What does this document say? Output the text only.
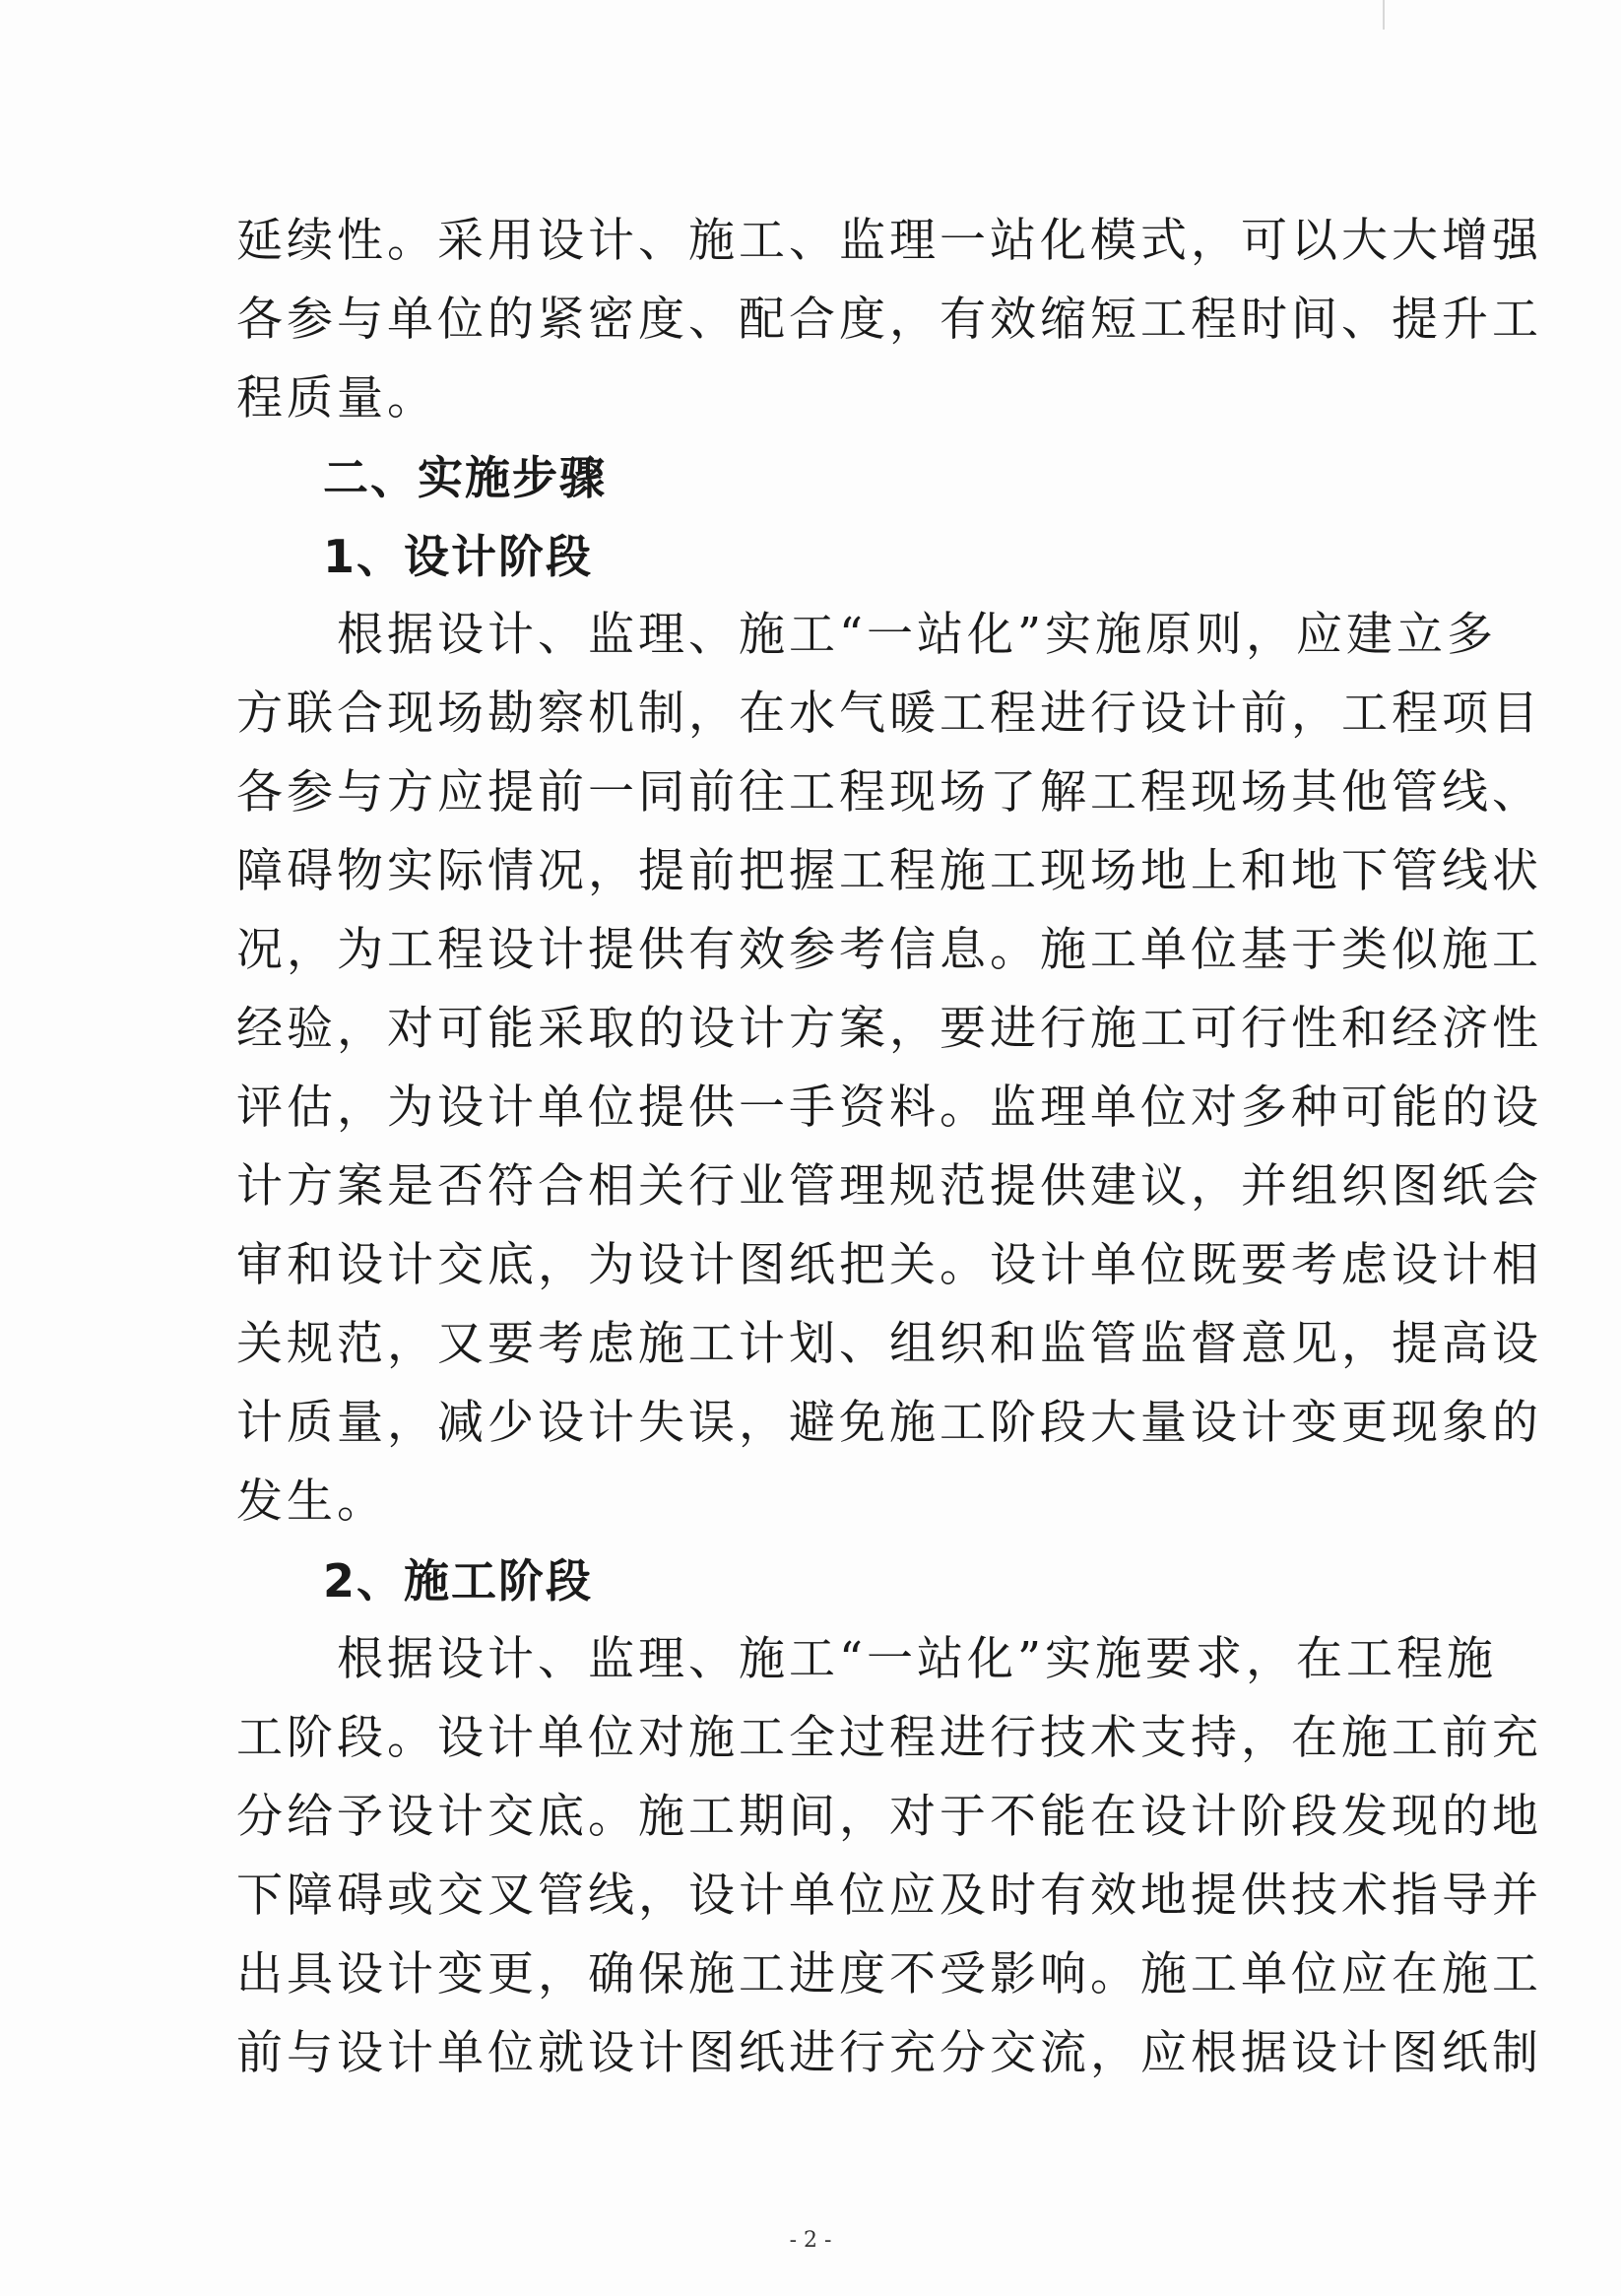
延续性。采用设计、施工、监理一站化模式，可以大大增强
各参与单位的紧密度、配合度，有效缩短工程时间、提升工
程质量。
二、实施步骤
1、设计阶段
　　根据设计、监理、施工“一站化”实施原则，应建立多
方联合现场勘察机制，在水气暖工程进行设计前，工程项目
各参与方应提前一同前往工程现场了解工程现场其他管线、
障碍物实际情况，提前把握工程施工现场地上和地下管线状
况，为工程设计提供有效参考信息。施工单位基于类似施工
经验，对可能采取的设计方案，要进行施工可行性和经济性
评估，为设计单位提供一手资料。监理单位对多种可能的设
计方案是否符合相关行业管理规范提供建议，并组织图纸会
审和设计交底，为设计图纸把关。设计单位既要考虑设计相
关规范，又要考虑施工计划、组织和监管监督意见，提高设
计质量，减少设计失误，避免施工阶段大量设计变更现象的
发生。
2、施工阶段
　　根据设计、监理、施工“一站化”实施要求，在工程施
工阶段。设计单位对施工全过程进行技术支持，在施工前充
分给予设计交底。施工期间，对于不能在设计阶段发现的地
下障碍或交叉管线，设计单位应及时有效地提供技术指导并
出具设计变更，确保施工进度不受影响。施工单位应在施工
前与设计单位就设计图纸进行充分交流，应根据设计图纸制
- 2 -
